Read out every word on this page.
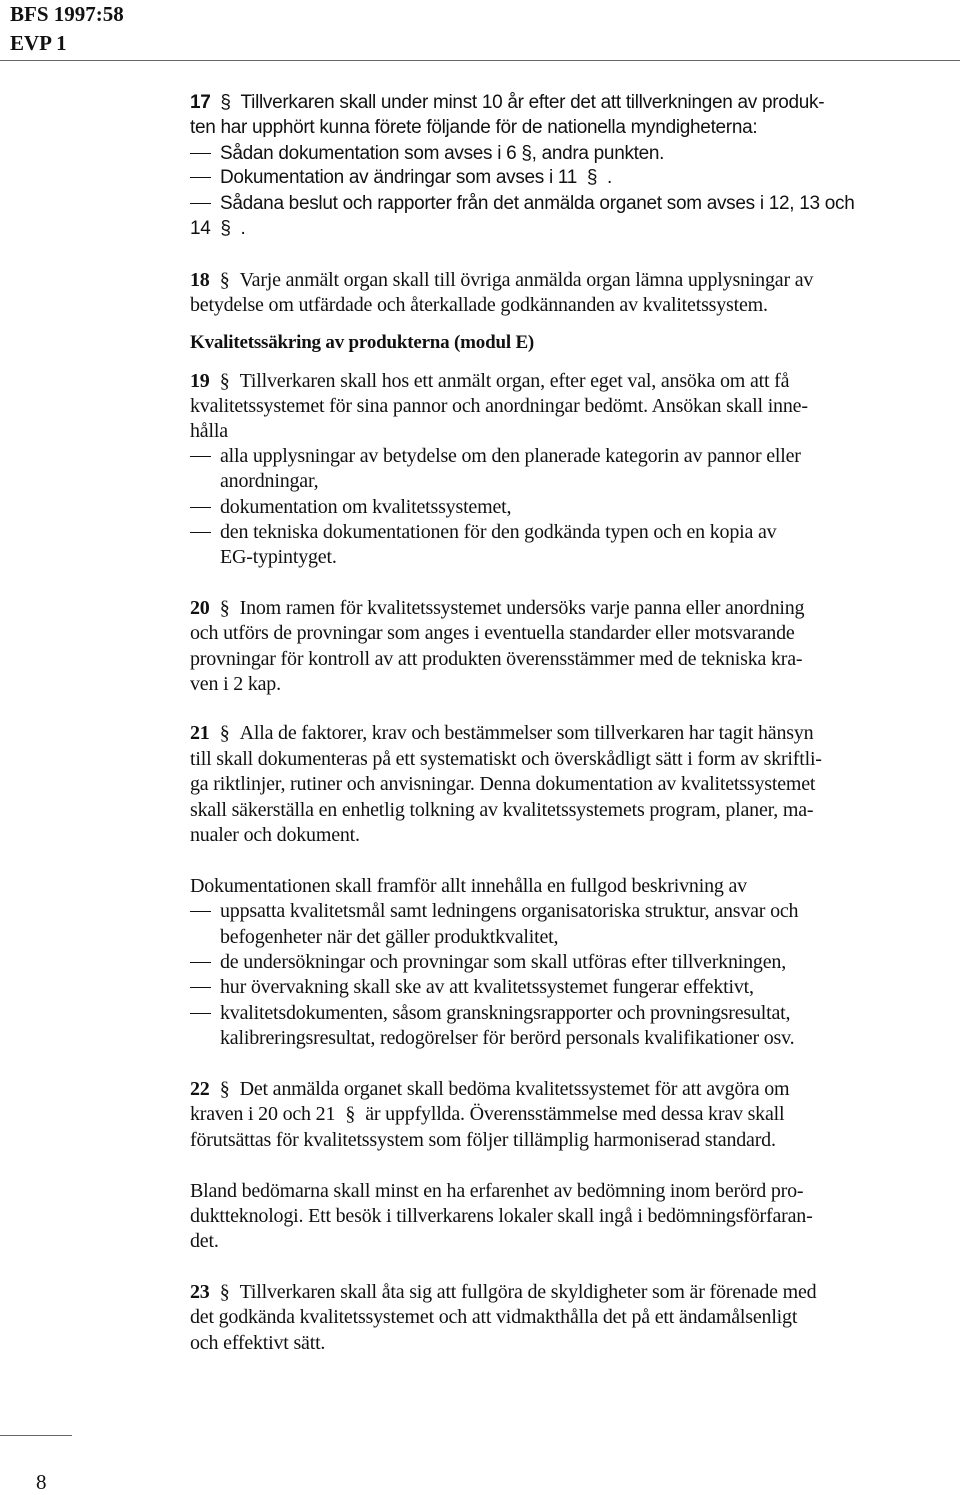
BFS 1997:58
EVP 1
17 § Tillverkaren skall under minst 10 år efter det att tillverkningen av produk-
ten har upphört kunna förete följande för de nationella myndigheterna:
Sådan dokumentation som avses i 6 §, andra punkten.
Dokumentation av ändringar som avses i 11 § .
Sådana beslut och rapporter från det anmälda organet som avses i 12, 13 och
14 § .
18 § Varje anmält organ skall till övriga anmälda organ lämna upplysningar av
betydelse om utfärdade och återkallade godkännanden av kvalitetssystem.
Kvalitetssäkring av produkterna (modul E)
19 § Tillverkaren skall hos ett anmält organ, efter eget val, ansöka om att få
kvalitetssystemet för sina pannor och anordningar bedömt. Ansökan skall inne-
hålla
alla upplysningar av betydelse om den planerade kategorin av pannor eller
anordningar,
dokumentation om kvalitetssystemet,
den tekniska dokumentationen för den godkända typen och en kopia av
EG-typintyget.
20 § Inom ramen för kvalitetssystemet undersöks varje panna eller anordning
och utförs de provningar som anges i eventuella standarder eller motsvarande
provningar för kontroll av att produkten överensstämmer med de tekniska kra-
ven i 2 kap.
21 § Alla de faktorer, krav och bestämmelser som tillverkaren har tagit hänsyn
till skall dokumenteras på ett systematiskt och överskådligt sätt i form av skriftli-
ga riktlinjer, rutiner och anvisningar. Denna dokumentation av kvalitetssystemet
skall säkerställa en enhetlig tolkning av kvalitetssystemets program, planer, ma-
nualer och dokument.
Dokumentationen skall framför allt innehålla en fullgod beskrivning av
uppsatta kvalitetsmål samt ledningens organisatoriska struktur, ansvar och
befogenheter när det gäller produktkvalitet,
de undersökningar och provningar som skall utföras efter tillverkningen,
hur övervakning skall ske av att kvalitetssystemet fungerar effektivt,
kvalitetsdokumenten, såsom granskningsrapporter och provningsresultat,
kalibreringsresultat, redogörelser för berörd personals kvalifikationer osv.
22 § Det anmälda organet skall bedöma kvalitetssystemet för att avgöra om
kraven i 20 och 21 § är uppfyllda. Överensstämmelse med dessa krav skall
förutsättas för kvalitetssystem som följer tillämplig harmoniserad standard.
Bland bedömarna skall minst en ha erfarenhet av bedömning inom berörd pro-
duktteknologi. Ett besök i tillverkarens lokaler skall ingå i bedömningsförfaran-
det.
23 § Tillverkaren skall åta sig att fullgöra de skyldigheter som är förenade med
det godkända kvalitetssystemet och att vidmakthålla det på ett ändamålsenligt
och effektivt sätt.
8
